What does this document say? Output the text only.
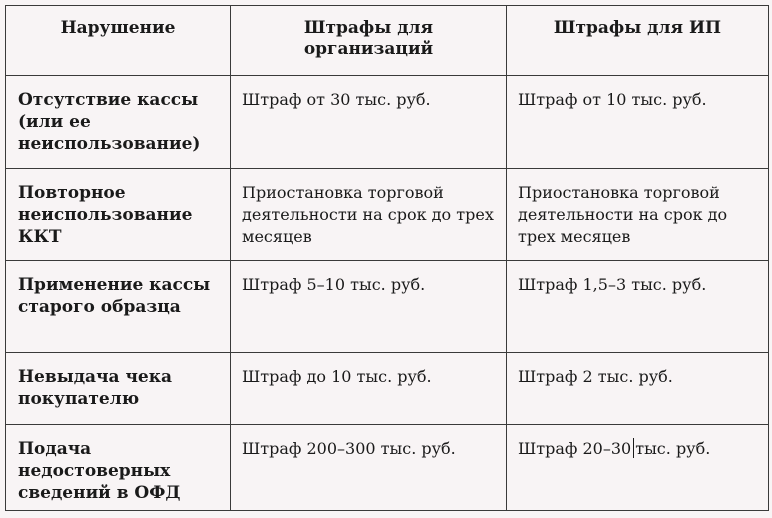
Нарушение	Штрафы для организаций	Штрафы для ИП
Отсутствие кассы (или ее неиспользование)	Штраф от 30 тыс. руб.	Штраф от 10 тыс. руб.
Повторное неиспользование ККТ	Приостановка торговой деятельности на срок до трех месяцев	Приостановка торговой деятельности на срок до трех месяцев
Применение кассы старого образца	Штраф 5–10 тыс. руб.	Штраф 1,5–3 тыс. руб.
Невыдача чека покупателю	Штраф до 10 тыс. руб.	Штраф 2 тыс. руб.
Подача недостоверных сведений в ОФД	Штраф 200–300 тыс. руб.	Штраф 20–30 тыс. руб.
